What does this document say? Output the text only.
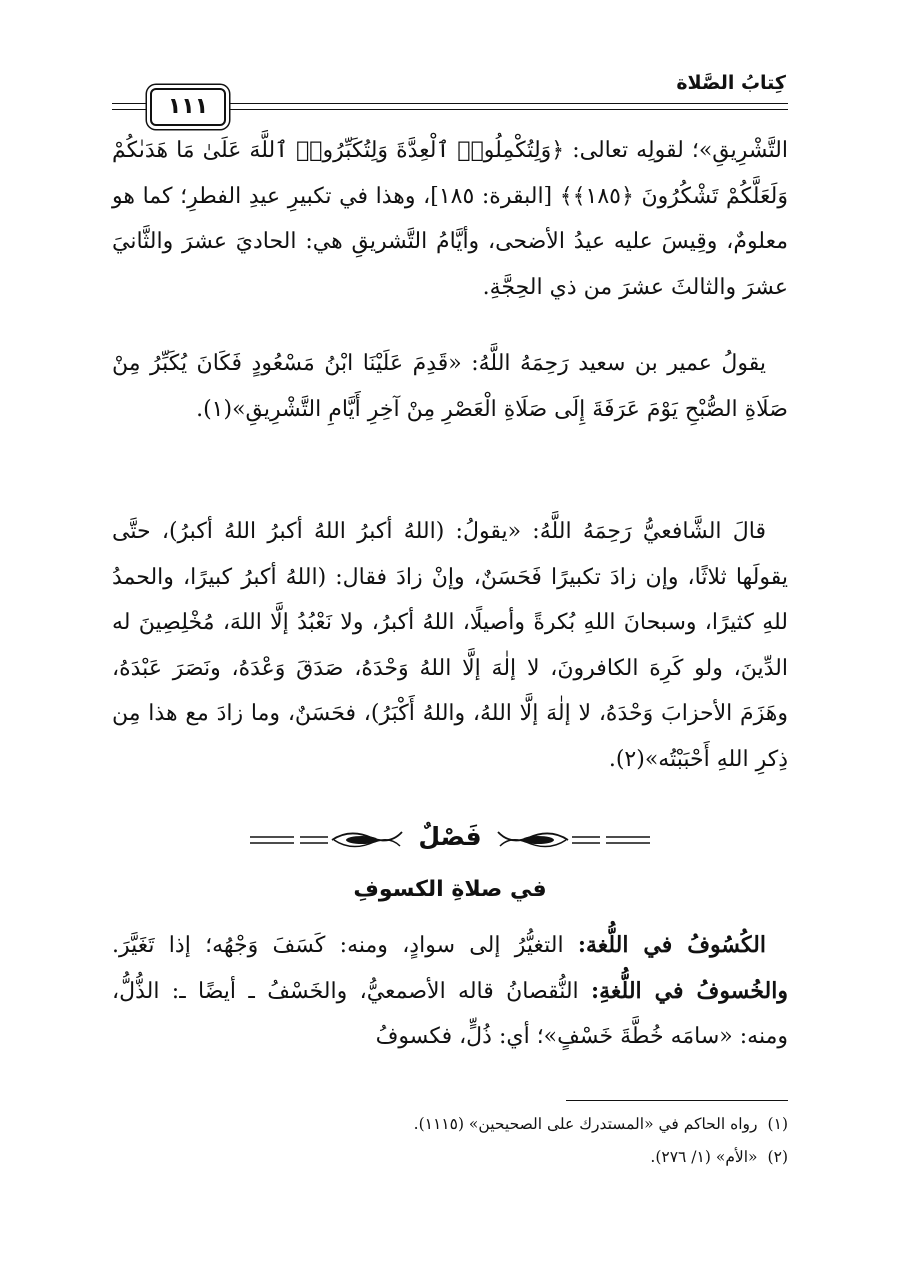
كِتابُ الصَّلاة
١١١
التَّشْرِيقِ»؛ لقولِه تعالى: ﴿وَلِتُكْمِلُوا۟ ٱلْعِدَّةَ وَلِتُكَبِّرُوا۟ ٱللَّهَ عَلَىٰ مَا هَدَىٰكُمْ وَلَعَلَّكُمْ تَشْكُرُونَ ﴿١٨٥﴾﴾ [البقرة: ١٨٥]، وهذا في تكبيرِ عيدِ الفطرِ؛ كما هو معلومٌ، وقِيسَ عليه عيدُ الأضحى، وأيَّامُ التَّشريقِ هي: الحاديَ عشرَ والثَّانيَ عشرَ والثالثَ عشرَ من ذي الحِجَّةِ.
يقولُ عمير بن سعيد رَحِمَهُ اللَّهُ: «قَدِمَ عَلَيْنَا ابْنُ مَسْعُودٍ فَكَانَ يُكَبِّرُ مِنْ صَلَاةِ الصُّبْحِ يَوْمَ عَرَفَةَ إِلَى صَلَاةِ الْعَصْرِ مِنْ آخِرِ أَيَّامِ التَّشْرِيقِ»(١).
قالَ الشَّافعيُّ رَحِمَهُ اللَّهُ: «يقولُ: (اللهُ أكبرُ اللهُ أكبرُ اللهُ أكبرُ)، حتَّى يقولَها ثلاثًا، وإن زادَ تكبيرًا فَحَسَنٌ، وإنْ زادَ فقال: (اللهُ أكبرُ كبيرًا، والحمدُ للهِ كثيرًا، وسبحانَ اللهِ بُكرةً وأصيلًا، اللهُ أكبرُ، ولا نَعْبُدُ إلَّا اللهَ، مُخْلِصِينَ له الدِّينَ، ولو كَرِهَ الكافرونَ، لا إلٰهَ إلَّا اللهُ وَحْدَهُ، صَدَقَ وَعْدَهُ، ونَصَرَ عَبْدَهُ، وهَزَمَ الأحزابَ وَحْدَهُ، لا إلٰهَ إلَّا اللهُ، واللهُ أَكْبَرُ)، فحَسَنٌ، وما زادَ مع هذا مِن ذِكرِ اللهِ أَحْبَبْتُه»(٢).
فَصْلٌ
في صلاةِ الكسوفِ
الكُسُوفُ في اللُّغة: التغيُّرُ إلى سوادٍ، ومنه: كَسَفَ وَجْهُه؛ إذا تَغَيَّرَ. والخُسوفُ في اللُّغةِ: النُّقصانُ قاله الأصمعيُّ، والخَسْفُ ـ أيضًا ـ: الذُّلُّ، ومنه: «سامَه خُطَّةَ خَسْفٍ»؛ أي: ذُلٍّ، فكسوفُ
(١)رواه الحاكم في «المستدرك على الصحيحين» (١١١٥).
(٢)«الأم» (١/ ٢٧٦).
